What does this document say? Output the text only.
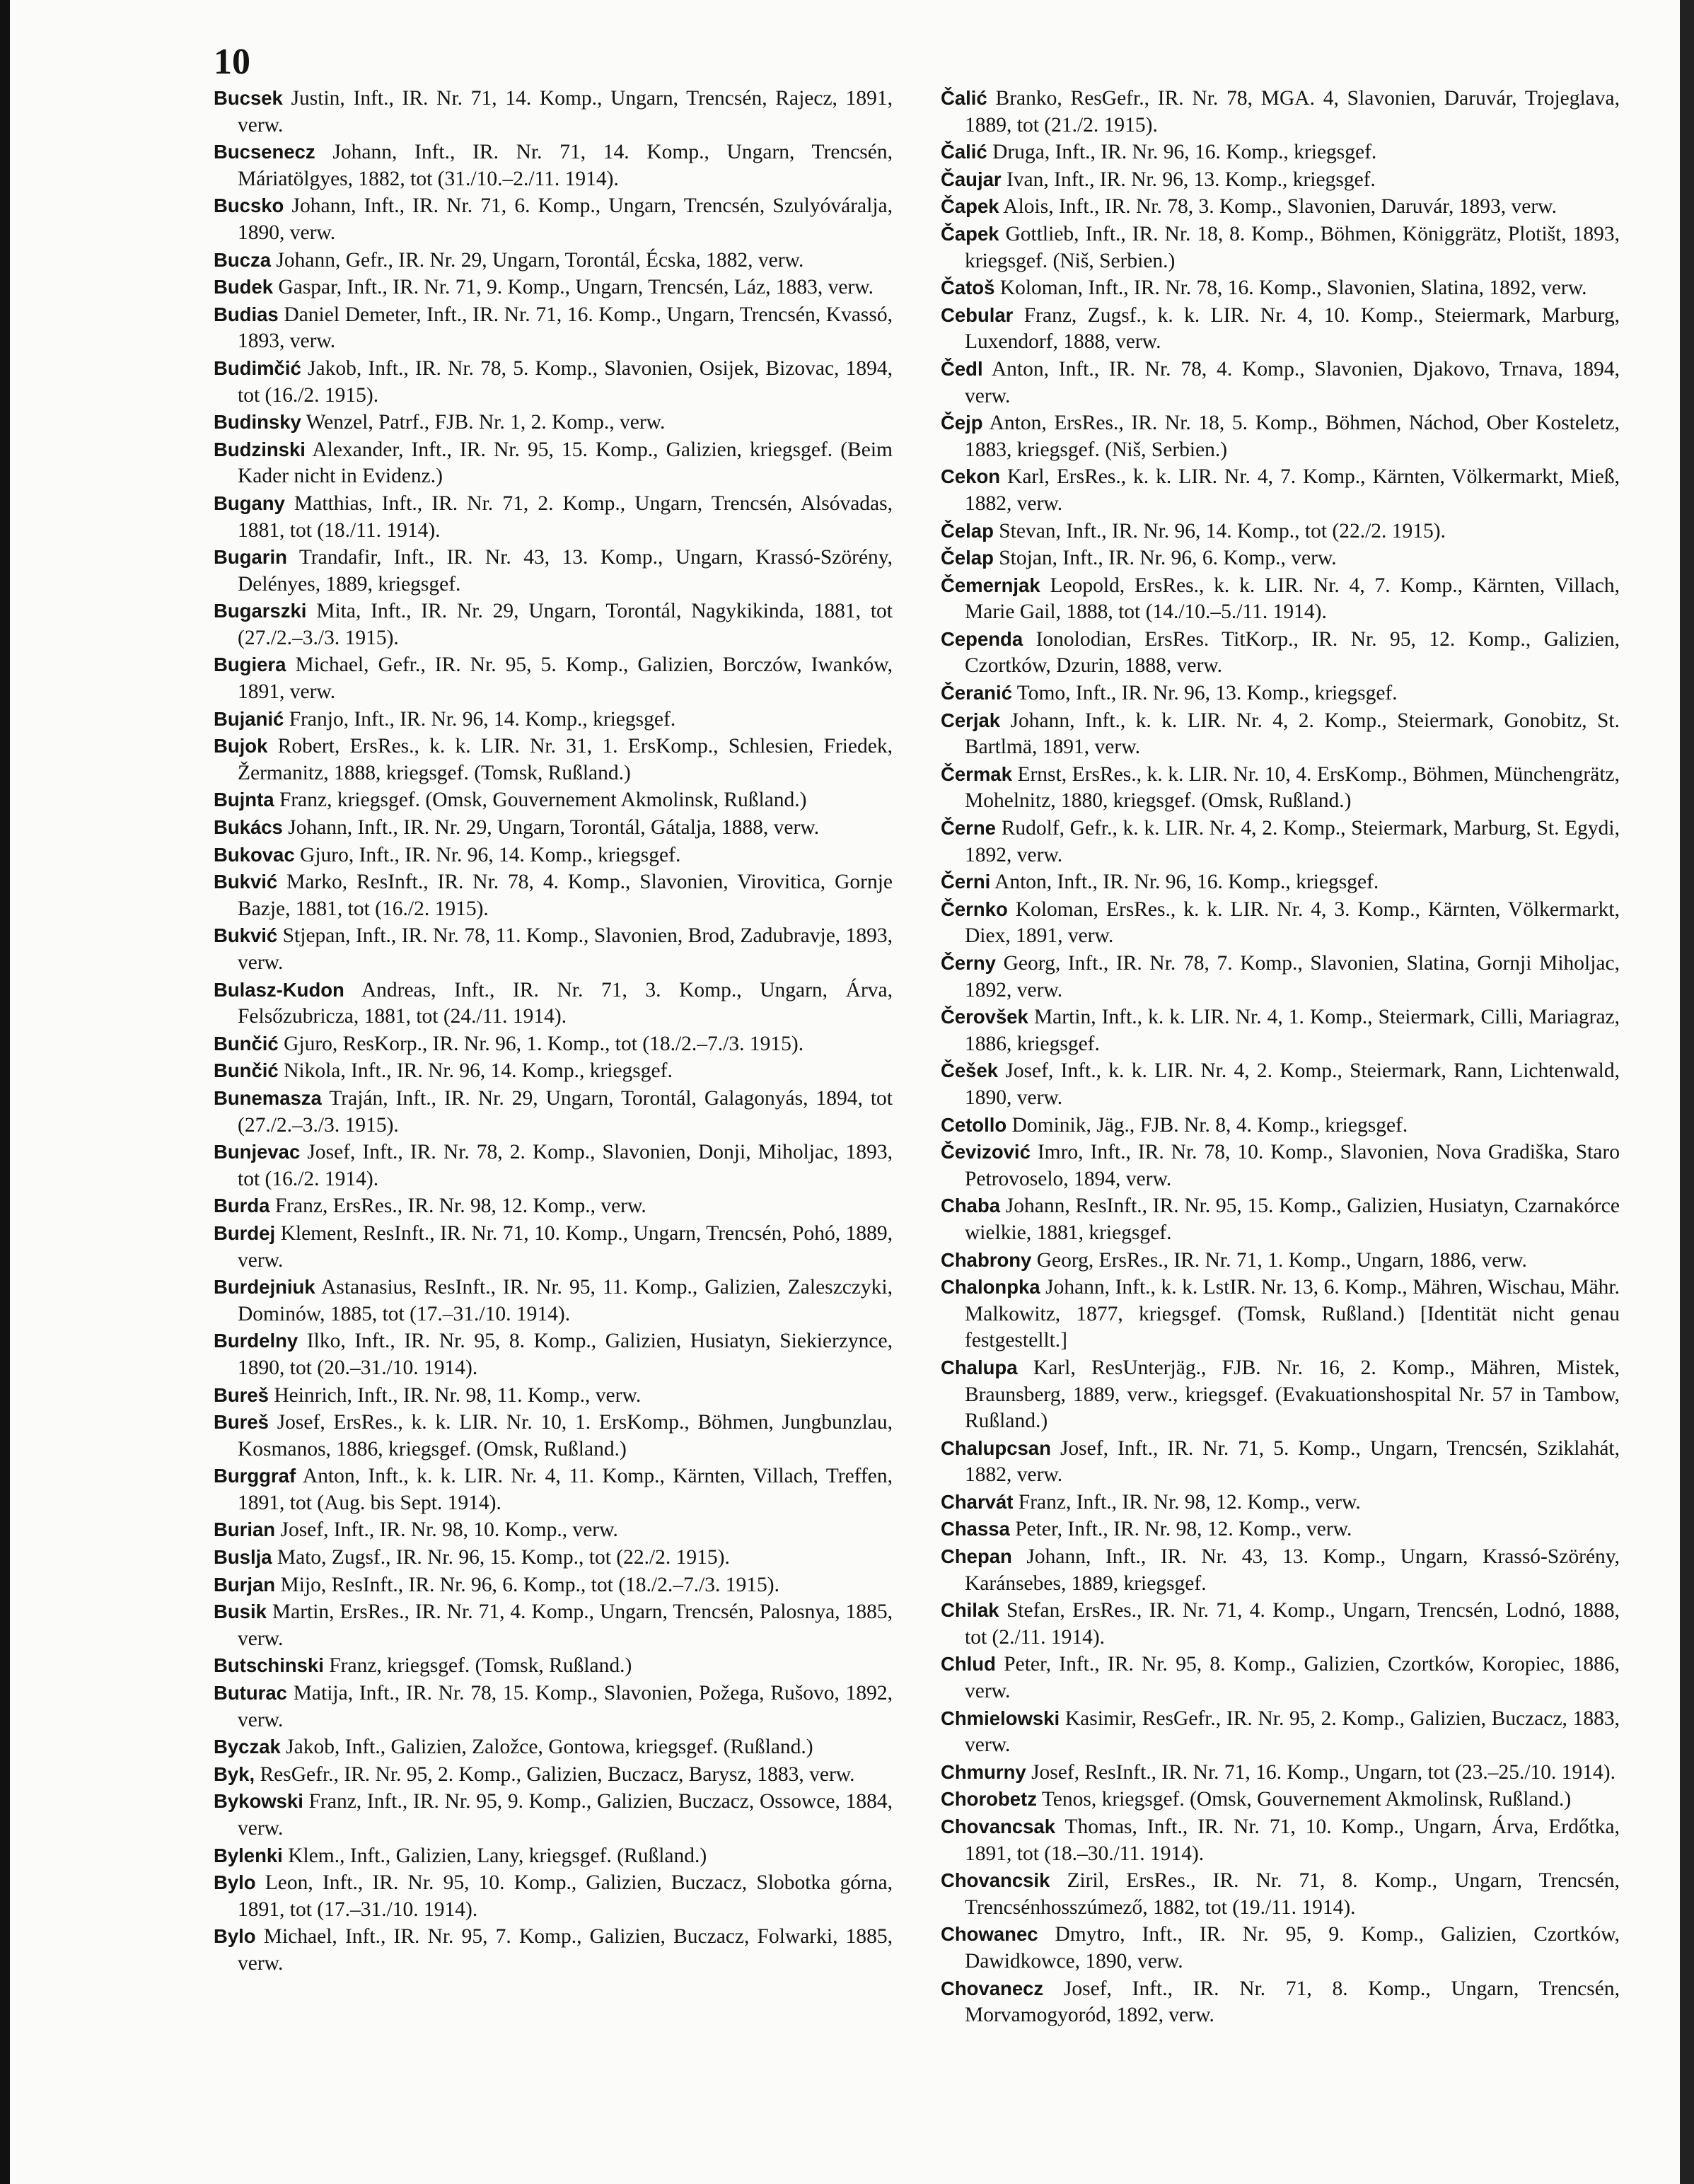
10

Bucsek Justin, Inft., IR. Nr. 71, 14. Komp., Ungarn, Trencsén, Rajecz, 1891, verw.

Bucsenecz Johann, Inft., IR. Nr. 71, 14. Komp., Ungarn, Trencsén, Máriatölgyes, 1882, tot (31./10.–2./11. 1914).

Bucsko Johann, Inft., IR. Nr. 71, 6. Komp., Ungarn, Trencsén, Szulyóváralja, 1890, verw.

Bucza Johann, Gefr., IR. Nr. 29, Ungarn, Torontál, Écska, 1882, verw.

Budek Gaspar, Inft., IR. Nr. 71, 9. Komp., Ungarn, Trencsén, Láz, 1883, verw.

Budias Daniel Demeter, Inft., IR. Nr. 71, 16. Komp., Ungarn, Trencsén, Kvassó, 1893, verw.

Budimčić Jakob, Inft., IR. Nr. 78, 5. Komp., Slavonien, Osijek, Bizovac, 1894, tot (16./2. 1915).

Budinsky Wenzel, Patrf., FJB. Nr. 1, 2. Komp., verw.

Budzinski Alexander, Inft., IR. Nr. 95, 15. Komp., Galizien, kriegsgef. (Beim Kader nicht in Evidenz.)

Bugany Matthias, Inft., IR. Nr. 71, 2. Komp., Ungarn, Trencsén, Alsóvadas, 1881, tot (18./11. 1914).

Bugarin Trandafir, Inft., IR. Nr. 43, 13. Komp., Ungarn, Krassó-Szörény, Delényes, 1889, kriegsgef.

Bugarszki Mita, Inft., IR. Nr. 29, Ungarn, Torontál, Nagykikinda, 1881, tot (27./2.–3./3. 1915).

Bugiera Michael, Gefr., IR. Nr. 95, 5. Komp., Galizien, Borczów, Iwanków, 1891, verw.

Bujanić Franjo, Inft., IR. Nr. 96, 14. Komp., kriegsgef.

Bujok Robert, ErsRes., k. k. LIR. Nr. 31, 1. ErsKomp., Schlesien, Friedek, Žermanitz, 1888, kriegsgef. (Tomsk, Rußland.)

Bujnta Franz, kriegsgef. (Omsk, Gouvernement Akmolinsk, Rußland.)

Bukács Johann, Inft., IR. Nr. 29, Ungarn, Torontál, Gátalja, 1888, verw.

Bukovac Gjuro, Inft., IR. Nr. 96, 14. Komp., kriegsgef.

Bukvić Marko, ResInft., IR. Nr. 78, 4. Komp., Slavonien, Virovitica, Gornje Bazje, 1881, tot (16./2. 1915).

Bukvić Stjepan, Inft., IR. Nr. 78, 11. Komp., Slavonien, Brod, Zadubravje, 1893, verw.

Bulasz-Kudon Andreas, Inft., IR. Nr. 71, 3. Komp., Ungarn, Árva, Felsőzubricza, 1881, tot (24./11. 1914).

Bunčić Gjuro, ResKorp., IR. Nr. 96, 1. Komp., tot (18./2.–7./3. 1915).

Bunčić Nikola, Inft., IR. Nr. 96, 14. Komp., kriegsgef.

Bunemasza Traján, Inft., IR. Nr. 29, Ungarn, Torontál, Galagonyás, 1894, tot (27./2.–3./3. 1915).

Bunjevac Josef, Inft., IR. Nr. 78, 2. Komp., Slavonien, Donji, Miholjac, 1893, tot (16./2. 1914).

Burda Franz, ErsRes., IR. Nr. 98, 12. Komp., verw.

Burdej Klement, ResInft., IR. Nr. 71, 10. Komp., Ungarn, Trencsén, Pohó, 1889, verw.

Burdejniuk Astanasius, ResInft., IR. Nr. 95, 11. Komp., Galizien, Zaleszczyki, Dominów, 1885, tot (17.–31./10. 1914).

Burdelny Ilko, Inft., IR. Nr. 95, 8. Komp., Galizien, Husiatyn, Siekierzynce, 1890, tot (20.–31./10. 1914).

Bureš Heinrich, Inft., IR. Nr. 98, 11. Komp., verw.

Bureš Josef, ErsRes., k. k. LIR. Nr. 10, 1. ErsKomp., Böhmen, Jungbunzlau, Kosmanos, 1886, kriegsgef. (Omsk, Rußland.)

Burggraf Anton, Inft., k. k. LIR. Nr. 4, 11. Komp., Kärnten, Villach, Treffen, 1891, tot (Aug. bis Sept. 1914).

Burian Josef, Inft., IR. Nr. 98, 10. Komp., verw.

Buslja Mato, Zugsf., IR. Nr. 96, 15. Komp., tot (22./2. 1915).

Burjan Mijo, ResInft., IR. Nr. 96, 6. Komp., tot (18./2.–7./3. 1915).

Busik Martin, ErsRes., IR. Nr. 71, 4. Komp., Ungarn, Trencsén, Palosnya, 1885, verw.

Butschinski Franz, kriegsgef. (Tomsk, Rußland.)

Buturac Matija, Inft., IR. Nr. 78, 15. Komp., Slavonien, Požega, Rušovo, 1892, verw.

Byczak Jakob, Inft., Galizien, Založce, Gontowa, kriegsgef. (Rußland.)

Byk, ResGefr., IR. Nr. 95, 2. Komp., Galizien, Buczacz, Barysz, 1883, verw.

Bykowski Franz, Inft., IR. Nr. 95, 9. Komp., Galizien, Buczacz, Ossowce, 1884, verw.

Bylenki Klem., Inft., Galizien, Lany, kriegsgef. (Rußland.)

Bylo Leon, Inft., IR. Nr. 95, 10. Komp., Galizien, Buczacz, Slobotka górna, 1891, tot (17.–31./10. 1914).

Bylo Michael, Inft., IR. Nr. 95, 7. Komp., Galizien, Buczacz, Folwarki, 1885, verw.

Čalić Branko, ResGefr., IR. Nr. 78, MGA. 4, Slavonien, Daruvár, Trojeglava, 1889, tot (21./2. 1915).

Čalić Druga, Inft., IR. Nr. 96, 16. Komp., kriegsgef.

Čaujar Ivan, Inft., IR. Nr. 96, 13. Komp., kriegsgef.

Čapek Alois, Inft., IR. Nr. 78, 3. Komp., Slavonien, Daruvár, 1893, verw.

Čapek Gottlieb, Inft., IR. Nr. 18, 8. Komp., Böhmen, Königgrätz, Plotišt, 1893, kriegsgef. (Niš, Serbien.)

Čatoš Koloman, Inft., IR. Nr. 78, 16. Komp., Slavonien, Slatina, 1892, verw.

Cebular Franz, Zugsf., k. k. LIR. Nr. 4, 10. Komp., Steiermark, Marburg, Luxendorf, 1888, verw.

Čedl Anton, Inft., IR. Nr. 78, 4. Komp., Slavonien, Djakovo, Trnava, 1894, verw.

Čejp Anton, ErsRes., IR. Nr. 18, 5. Komp., Böhmen, Náchod, Ober Kosteletz, 1883, kriegsgef. (Niš, Serbien.)

Cekon Karl, ErsRes., k. k. LIR. Nr. 4, 7. Komp., Kärnten, Völkermarkt, Mieß, 1882, verw.

Čelap Stevan, Inft., IR. Nr. 96, 14. Komp., tot (22./2. 1915).

Čelap Stojan, Inft., IR. Nr. 96, 6. Komp., verw.

Čemernjak Leopold, ErsRes., k. k. LIR. Nr. 4, 7. Komp., Kärnten, Villach, Marie Gail, 1888, tot (14./10.–5./11. 1914).

Cependa Ionolodian, ErsRes. TitKorp., IR. Nr. 95, 12. Komp., Galizien, Czortków, Dzurin, 1888, verw.

Čeranić Tomo, Inft., IR. Nr. 96, 13. Komp., kriegsgef.

Cerjak Johann, Inft., k. k. LIR. Nr. 4, 2. Komp., Steiermark, Gonobitz, St. Bartlmä, 1891, verw.

Čermak Ernst, ErsRes., k. k. LIR. Nr. 10, 4. ErsKomp., Böhmen, Münchengrätz, Mohelnitz, 1880, kriegsgef. (Omsk, Rußland.)

Černe Rudolf, Gefr., k. k. LIR. Nr. 4, 2. Komp., Steiermark, Marburg, St. Egydi, 1892, verw.

Černi Anton, Inft., IR. Nr. 96, 16. Komp., kriegsgef.

Černko Koloman, ErsRes., k. k. LIR. Nr. 4, 3. Komp., Kärnten, Völkermarkt, Diex, 1891, verw.

Černy Georg, Inft., IR. Nr. 78, 7. Komp., Slavonien, Slatina, Gornji Miholjac, 1892, verw.

Čerovšek Martin, Inft., k. k. LIR. Nr. 4, 1. Komp., Steiermark, Cilli, Mariagraz, 1886, kriegsgef.

Češek Josef, Inft., k. k. LIR. Nr. 4, 2. Komp., Steiermark, Rann, Lichtenwald, 1890, verw.

Cetollo Dominik, Jäg., FJB. Nr. 8, 4. Komp., kriegsgef.

Čevizović Imro, Inft., IR. Nr. 78, 10. Komp., Slavonien, Nova Gradiška, Staro Petrovoselo, 1894, verw.

Chaba Johann, ResInft., IR. Nr. 95, 15. Komp., Galizien, Husiatyn, Czarnakórce wielkie, 1881, kriegsgef.

Chabrony Georg, ErsRes., IR. Nr. 71, 1. Komp., Ungarn, 1886, verw.

Chalonpka Johann, Inft., k. k. LstIR. Nr. 13, 6. Komp., Mähren, Wischau, Mähr. Malkowitz, 1877, kriegsgef. (Tomsk, Rußland.) [Identität nicht genau festgestellt.]

Chalupa Karl, ResUnterjäg., FJB. Nr. 16, 2. Komp., Mähren, Mistek, Braunsberg, 1889, verw., kriegsgef. (Evakuationshospital Nr. 57 in Tambow, Rußland.)

Chalupcsan Josef, Inft., IR. Nr. 71, 5. Komp., Ungarn, Trencsén, Sziklahát, 1882, verw.

Charvát Franz, Inft., IR. Nr. 98, 12. Komp., verw.

Chassa Peter, Inft., IR. Nr. 98, 12. Komp., verw.

Chepan Johann, Inft., IR. Nr. 43, 13. Komp., Ungarn, Krassó-Szörény, Karánsebes, 1889, kriegsgef.

Chilak Stefan, ErsRes., IR. Nr. 71, 4. Komp., Ungarn, Trencsén, Lodnó, 1888, tot (2./11. 1914).

Chlud Peter, Inft., IR. Nr. 95, 8. Komp., Galizien, Czortków, Koropiec, 1886, verw.

Chmielowski Kasimir, ResGefr., IR. Nr. 95, 2. Komp., Galizien, Buczacz, 1883, verw.

Chmurny Josef, ResInft., IR. Nr. 71, 16. Komp., Ungarn, tot (23.–25./10. 1914).

Chorobetz Tenos, kriegsgef. (Omsk, Gouvernement Akmolinsk, Rußland.)

Chovancsak Thomas, Inft., IR. Nr. 71, 10. Komp., Ungarn, Árva, Erdőtka, 1891, tot (18.–30./11. 1914).

Chovancsik Ziril, ErsRes., IR. Nr. 71, 8. Komp., Ungarn, Trencsén, Trencsénhosszúmező, 1882, tot (19./11. 1914).

Chowanec Dmytro, Inft., IR. Nr. 95, 9. Komp., Galizien, Czortków, Dawidkowce, 1890, verw.

Chovanecz Josef, Inft., IR. Nr. 71, 8. Komp., Ungarn, Trencsén, Morvamogyoród, 1892, verw.
